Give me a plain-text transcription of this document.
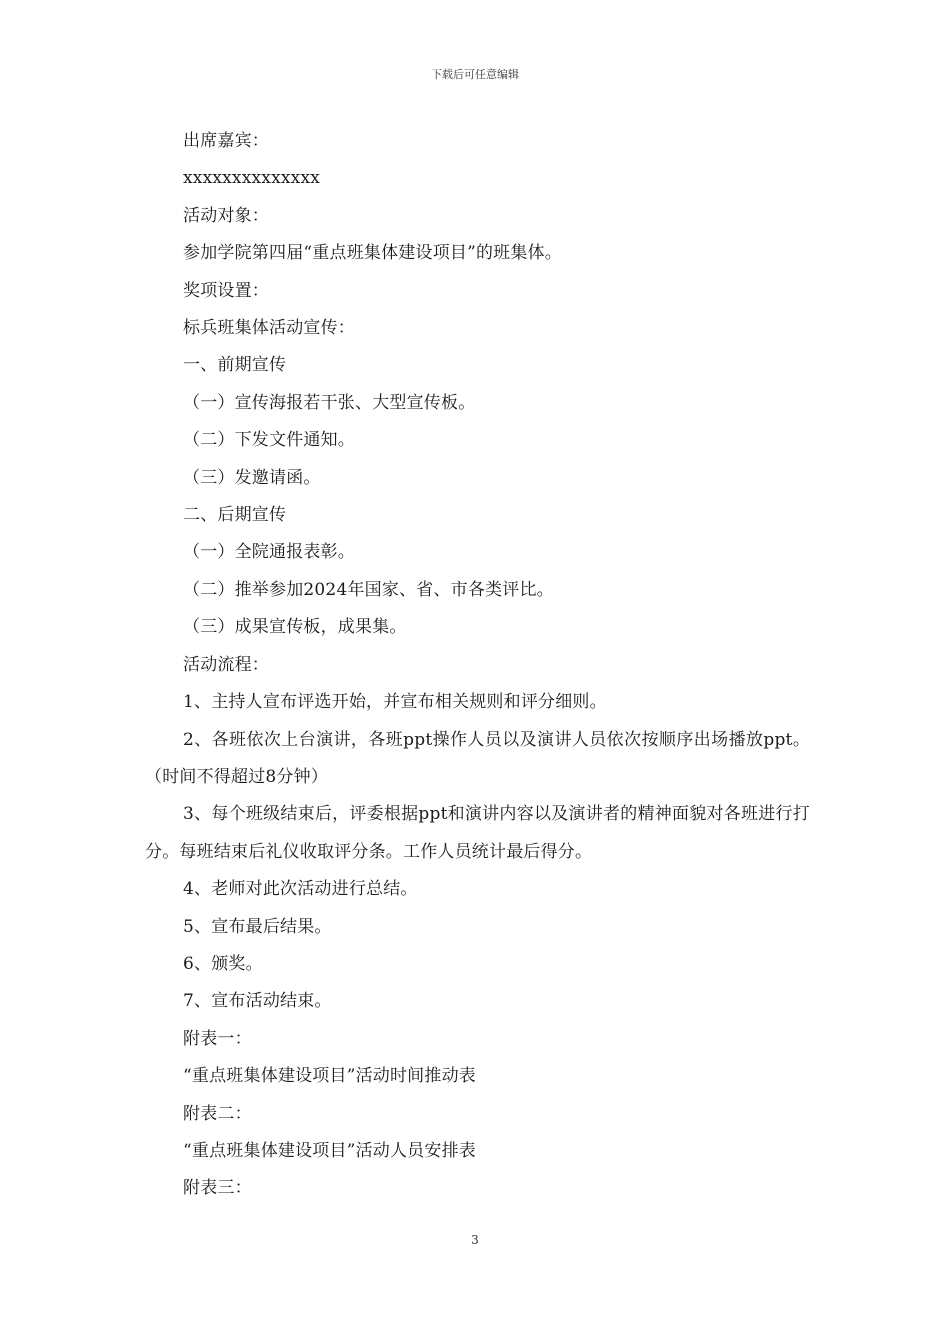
下载后可任意编辑

出席嘉宾：

xxxxxxxxxxxxxx

活动对象：

参加学院第四届“重点班集体建设项目”的班集体。

奖项设置：

标兵班集体活动宣传：

一、前期宣传

（一）宣传海报若干张、大型宣传板。

（二）下发文件通知。

（三）发邀请函。

二、后期宣传

（一）全院通报表彰。

（二）推举参加2024年国家、省、市各类评比。

（三）成果宣传板，成果集。

活动流程：

1、主持人宣布评选开始，并宣布相关规则和评分细则。

2、各班依次上台演讲，各班ppt操作人员以及演讲人员依次按顺序出场播放ppt。（时间不得超过8分钟）

3、每个班级结束后，评委根据ppt和演讲内容以及演讲者的精神面貌对各班进行打分。每班结束后礼仪收取评分条。工作人员统计最后得分。

4、老师对此次活动进行总结。

5、宣布最后结果。

6、颁奖。

7、宣布活动结束。

附表一：

“重点班集体建设项目”活动时间推动表

附表二：

“重点班集体建设项目”活动人员安排表

附表三：

3
